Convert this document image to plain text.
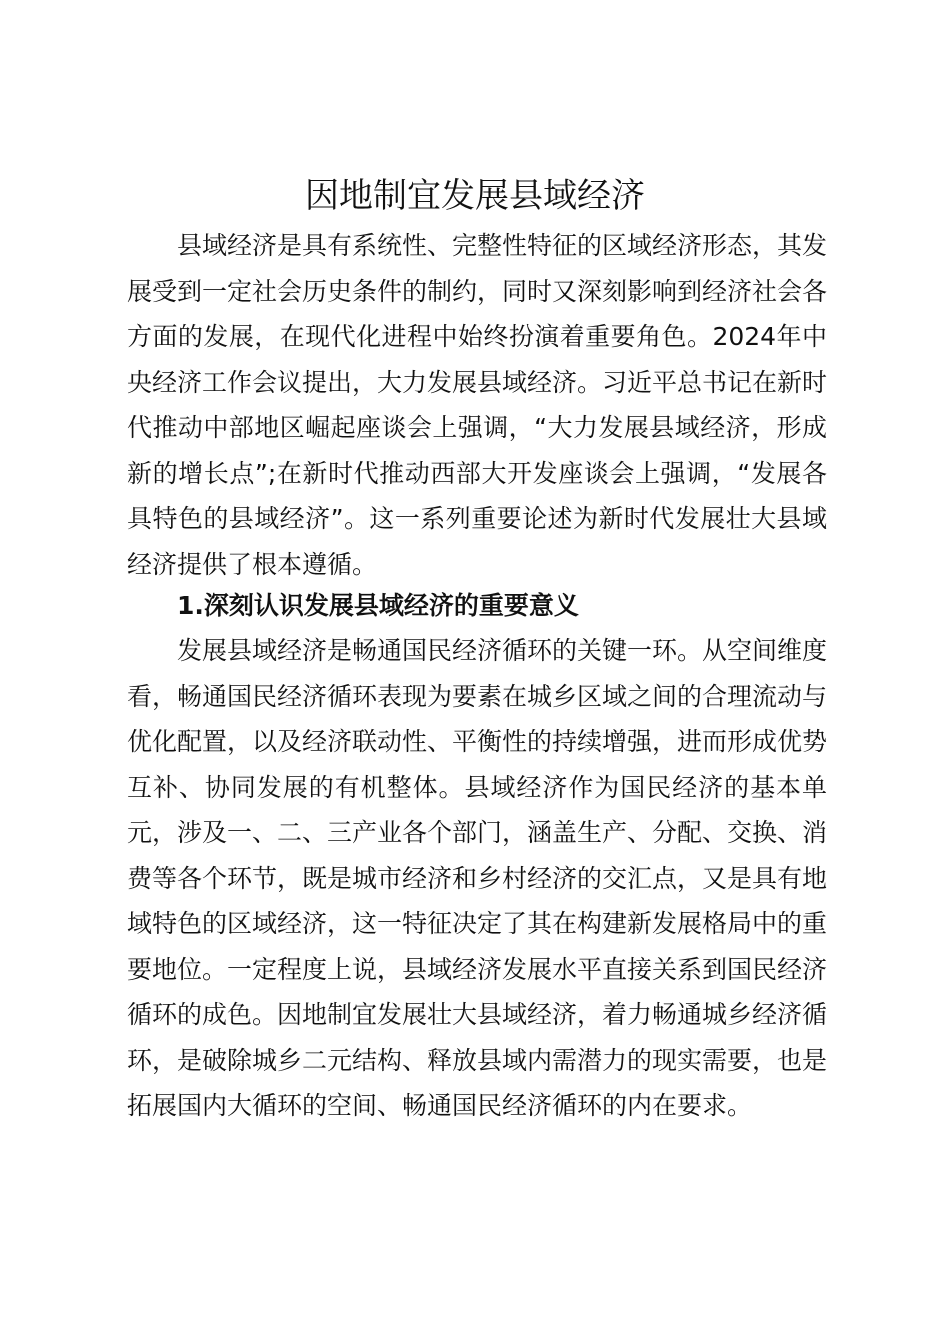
因地制宜发展县域经济

县域经济是具有系统性、完整性特征的区域经济形态，其发展受到一定社会历史条件的制约，同时又深刻影响到经济社会各方面的发展，在现代化进程中始终扮演着重要角色。2024年中央经济工作会议提出，大力发展县域经济。习近平总书记在新时代推动中部地区崛起座谈会上强调，“大力发展县域经济，形成新的增长点”;在新时代推动西部大开发座谈会上强调，“发展各具特色的县域经济”。这一系列重要论述为新时代发展壮大县域经济提供了根本遵循。

1.深刻认识发展县域经济的重要意义

发展县域经济是畅通国民经济循环的关键一环。从空间维度看，畅通国民经济循环表现为要素在城乡区域之间的合理流动与优化配置，以及经济联动性、平衡性的持续增强，进而形成优势互补、协同发展的有机整体。县域经济作为国民经济的基本单元，涉及一、二、三产业各个部门，涵盖生产、分配、交换、消费等各个环节，既是城市经济和乡村经济的交汇点，又是具有地域特色的区域经济，这一特征决定了其在构建新发展格局中的重要地位。一定程度上说，县域经济发展水平直接关系到国民经济循环的成色。因地制宜发展壮大县域经济，着力畅通城乡经济循环，是破除城乡二元结构、释放县域内需潜力的现实需要，也是拓展国内大循环的空间、畅通国民经济循环的内在要求。
